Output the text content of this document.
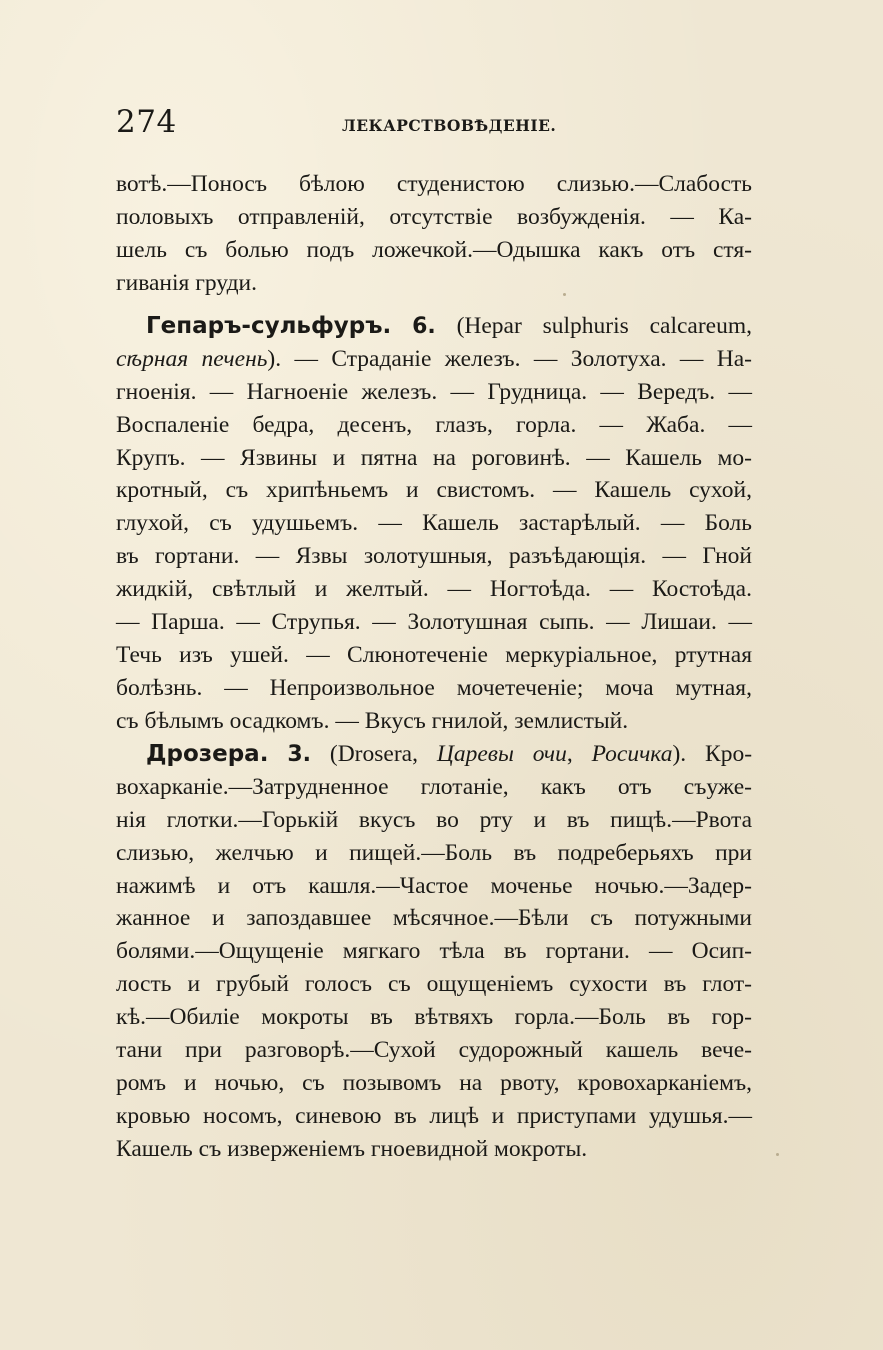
274	ЛЕКАРСТВОВѢДЕНІЕ.
вотѣ.—Поносъ бѣлою студенистою слизью.—Слабость
половыхъ отправленій, отсутствіе возбужденія. — Ка-
шель съ болью подъ ложечкой.—Одышка какъ отъ стя-
гиванія груди.
Гепаръ-сульфуръ. 6. (Hepar sulphuris calcareum,
сѣрная печень). — Страданіе железъ. — Золотуха. — На-
гноенія. — Нагноеніе железъ. — Грудница. — Вередъ. —
Воспаленіе бедра, десенъ, глазъ, горла. — Жаба. —
Крупъ. — Язвины и пятна на роговинѣ. — Кашель мо-
кротный, съ хрипѣньемъ и свистомъ. — Кашель сухой,
глухой, съ удушьемъ. — Кашель застарѣлый. — Боль
въ гортани. — Язвы золотушныя, разъѣдающія. — Гной
жидкій, свѣтлый и желтый. — Ногтоѣда. — Костоѣда.
— Парша. — Струпья. — Золотушная сыпь. — Лишаи. —
Течь изъ ушей. — Слюнотеченіе меркуріальное, ртутная
болѣзнь. — Непроизвольное мочетеченіе; моча мутная,
съ бѣлымъ осадкомъ. — Вкусъ гнилой, землистый.
Дрозера. 3. (Drosera, Царевы очи, Росичка). Кро-
вохарканіе.—Затрудненное глотаніе, какъ отъ съуже-
нія глотки.—Горькій вкусъ во рту и въ пищѣ.—Рвота
слизью, желчью и пищей.—Боль въ подреберьяхъ при
нажимѣ и отъ кашля.—Частое моченье ночью.—Задер-
жанное и запоздавшее мѣсячное.—Бѣли съ потужными
болями.—Ощущеніе мягкаго тѣла въ гортани. — Осип-
лость и грубый голосъ съ ощущеніемъ сухости въ глот-
кѣ.—Обиліе мокроты въ вѣтвяхъ горла.—Боль въ гор-
тани при разговорѣ.—Сухой судорожный кашель вече-
ромъ и ночью, съ позывомъ на рвоту, кровохарканіемъ,
кровью носомъ, синевою въ лицѣ и приступами удушья.—
Кашель съ изверженіемъ гноевидной мокроты.
